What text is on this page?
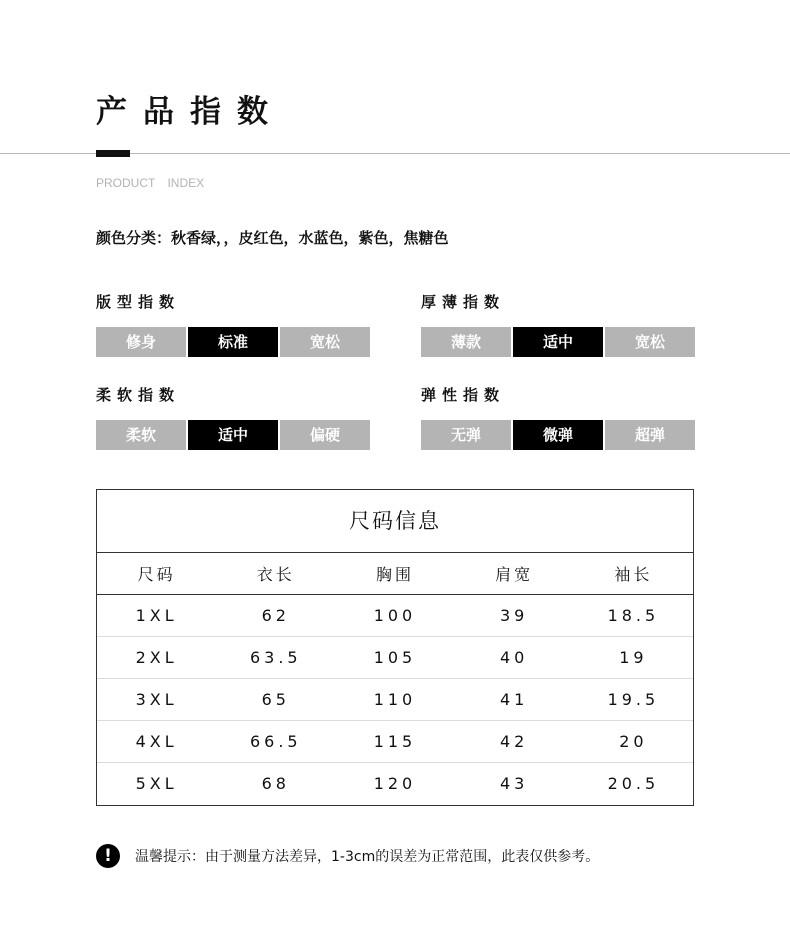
产品指数
PRODUCT INDEX
颜色分类：秋香绿，，皮红色，水蓝色，紫色，焦糖色
版型指数
修身	标准	宽松
厚薄指数
薄款	适中	宽松
柔软指数
柔软	适中	偏硬
弹性指数
无弹	微弹	超弹
尺码信息
尺码	衣长	胸围	肩宽	袖长
1XL	62	100	39	18.5
2XL	63.5	105	40	19
3XL	65	110	41	19.5
4XL	66.5	115	42	20
5XL	68	120	43	20.5
!	温馨提示：由于测量方法差异，1-3cm的误差为正常范围，此表仅供参考。
